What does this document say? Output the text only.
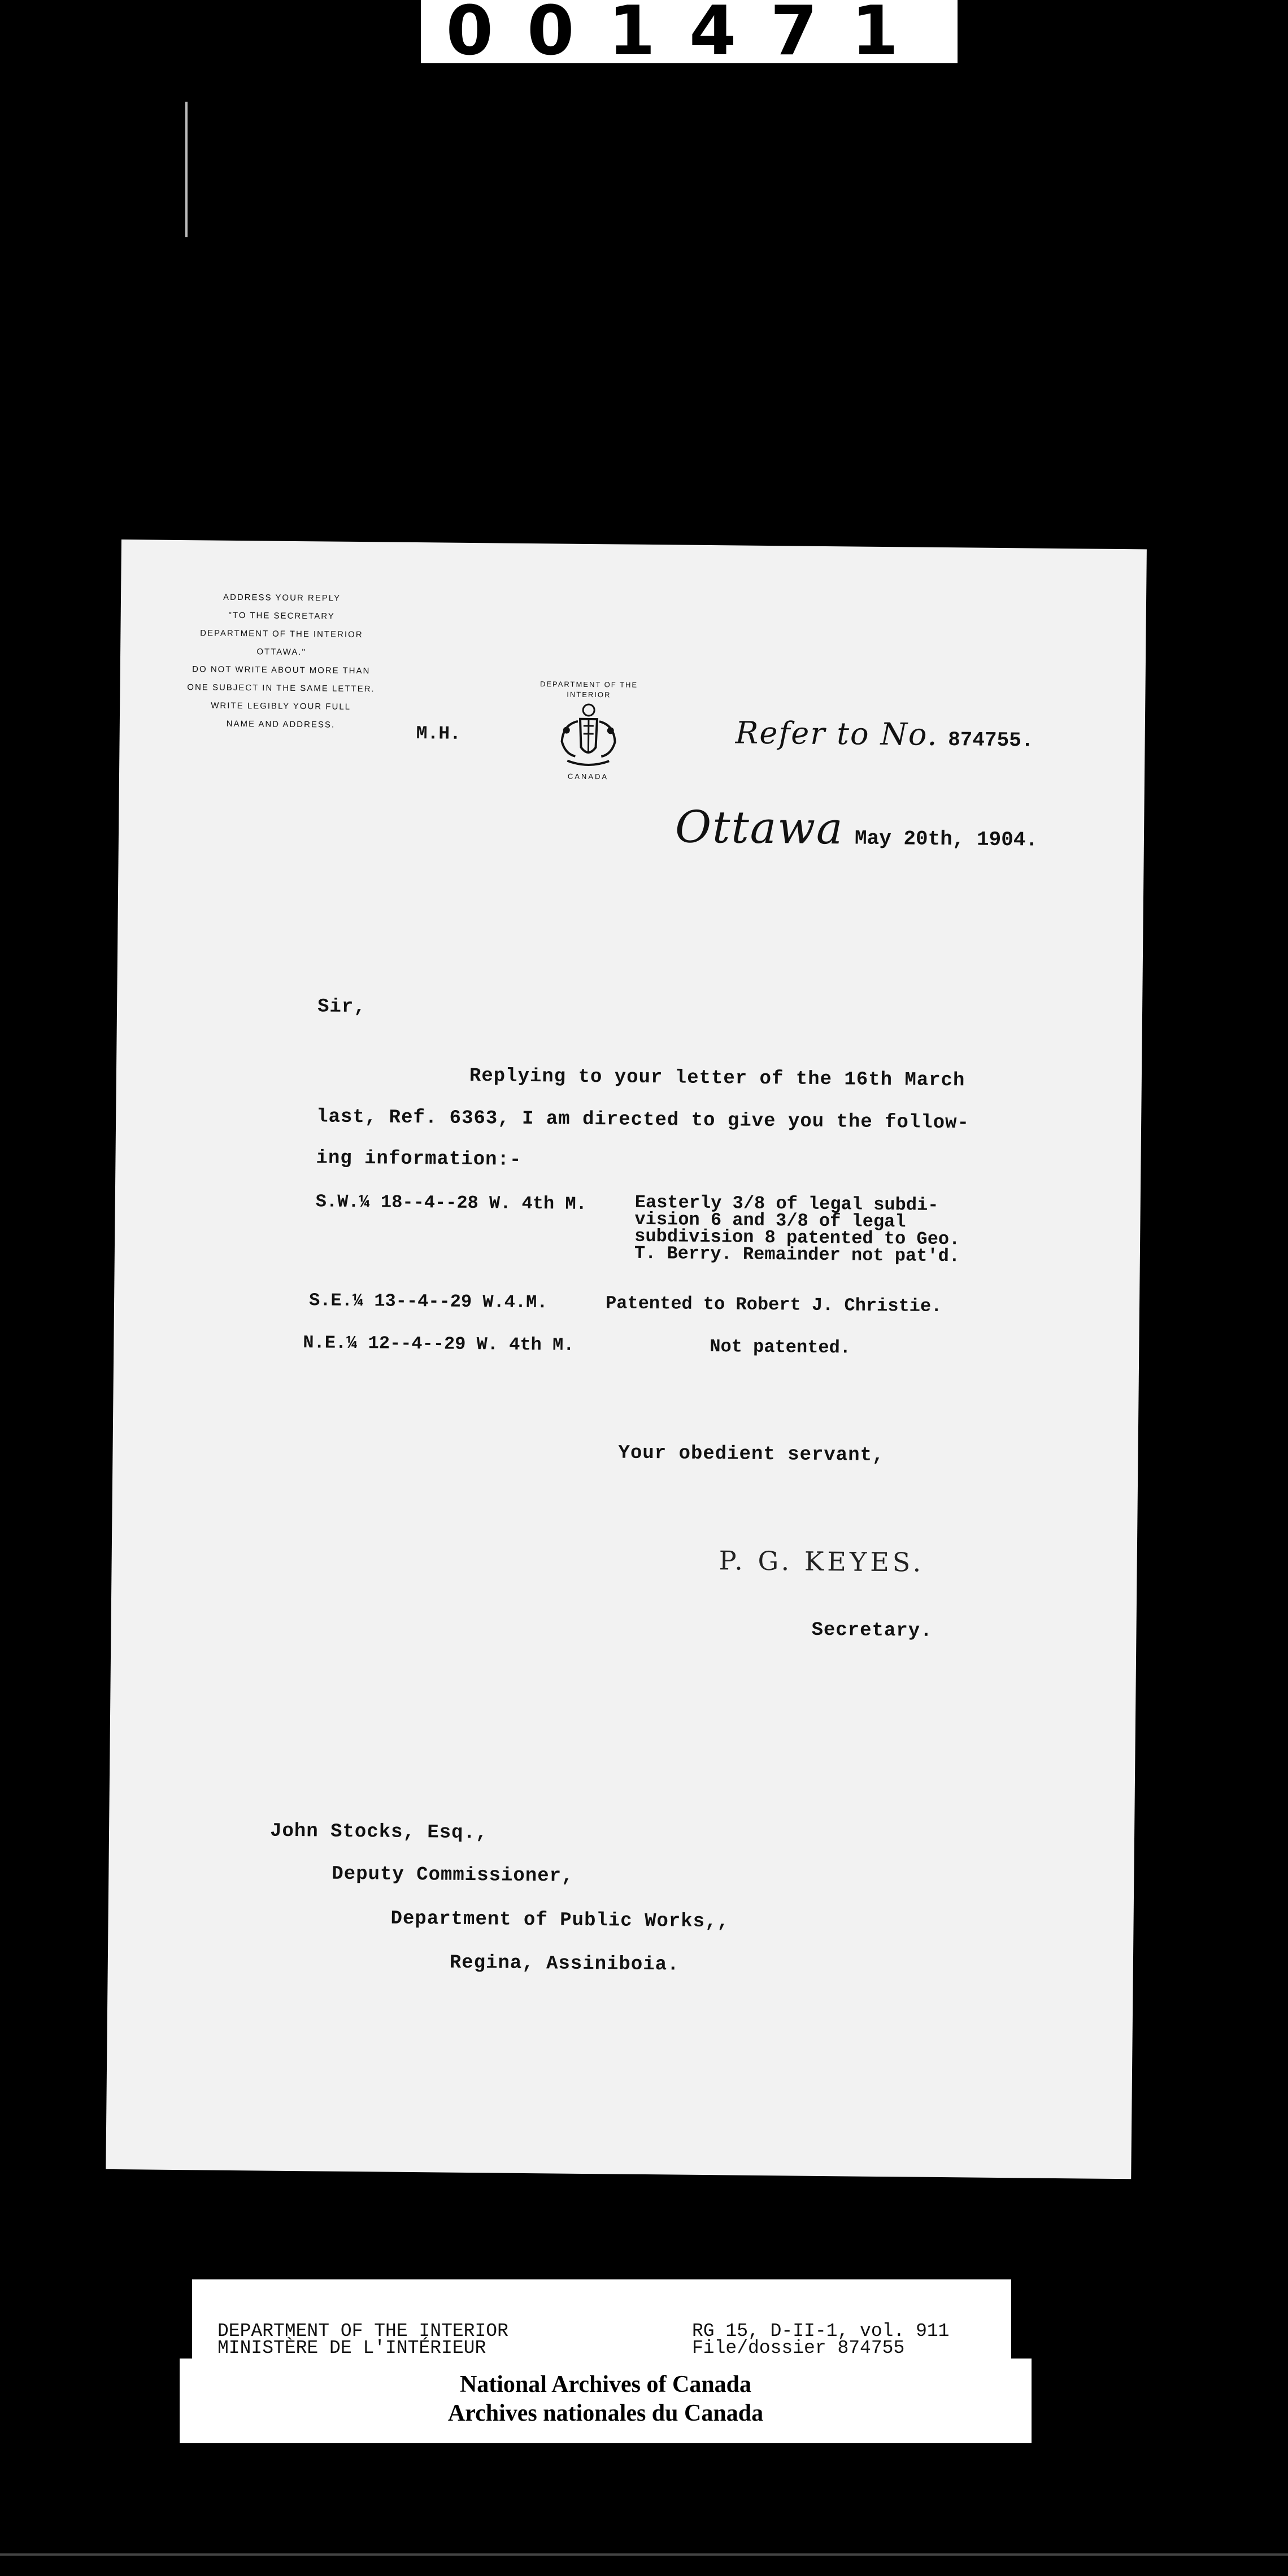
001471
ADDRESS YOUR REPLY
"TO THE SECRETARY
DEPARTMENT OF THE INTERIOR
OTTAWA."
DO NOT WRITE ABOUT MORE THAN
ONE SUBJECT IN THE SAME LETTER.
WRITE LEGIBLY YOUR FULL
NAME AND ADDRESS.
DEPARTMENT OF THE INTERIOR
CANADA
M.H.	Refer to No. 874755.
Ottawa May 20th, 1904.
Sir,
Replying to your letter of the 16th March
last, Ref. 6363, I am directed to give you the follow-
ing information:-
S.W.¼ 18--4--28 W. 4th M.	Easterly 3/8 of legal subdi-
vision 6 and 3/8 of legal
subdivision 8 patented to Geo.
T. Berry. Remainder not pat'd.
S.E.¼ 13--4--29 W.4.M.	Patented to Robert J. Christie.
N.E.¼ 12--4--29 W. 4th M.	Not patented.
Your obedient servant,
P. G. KEYES.
Secretary.
John Stocks, Esq.,
Deputy Commissioner,
Department of Public Works,,
Regina, Assiniboia.
DEPARTMENT OF THE INTERIOR
MINISTÈRE DE L'INTÉRIEUR
RG 15, D-II-1, vol. 911
File/dossier 874755
National Archives of Canada
Archives nationales du Canada
